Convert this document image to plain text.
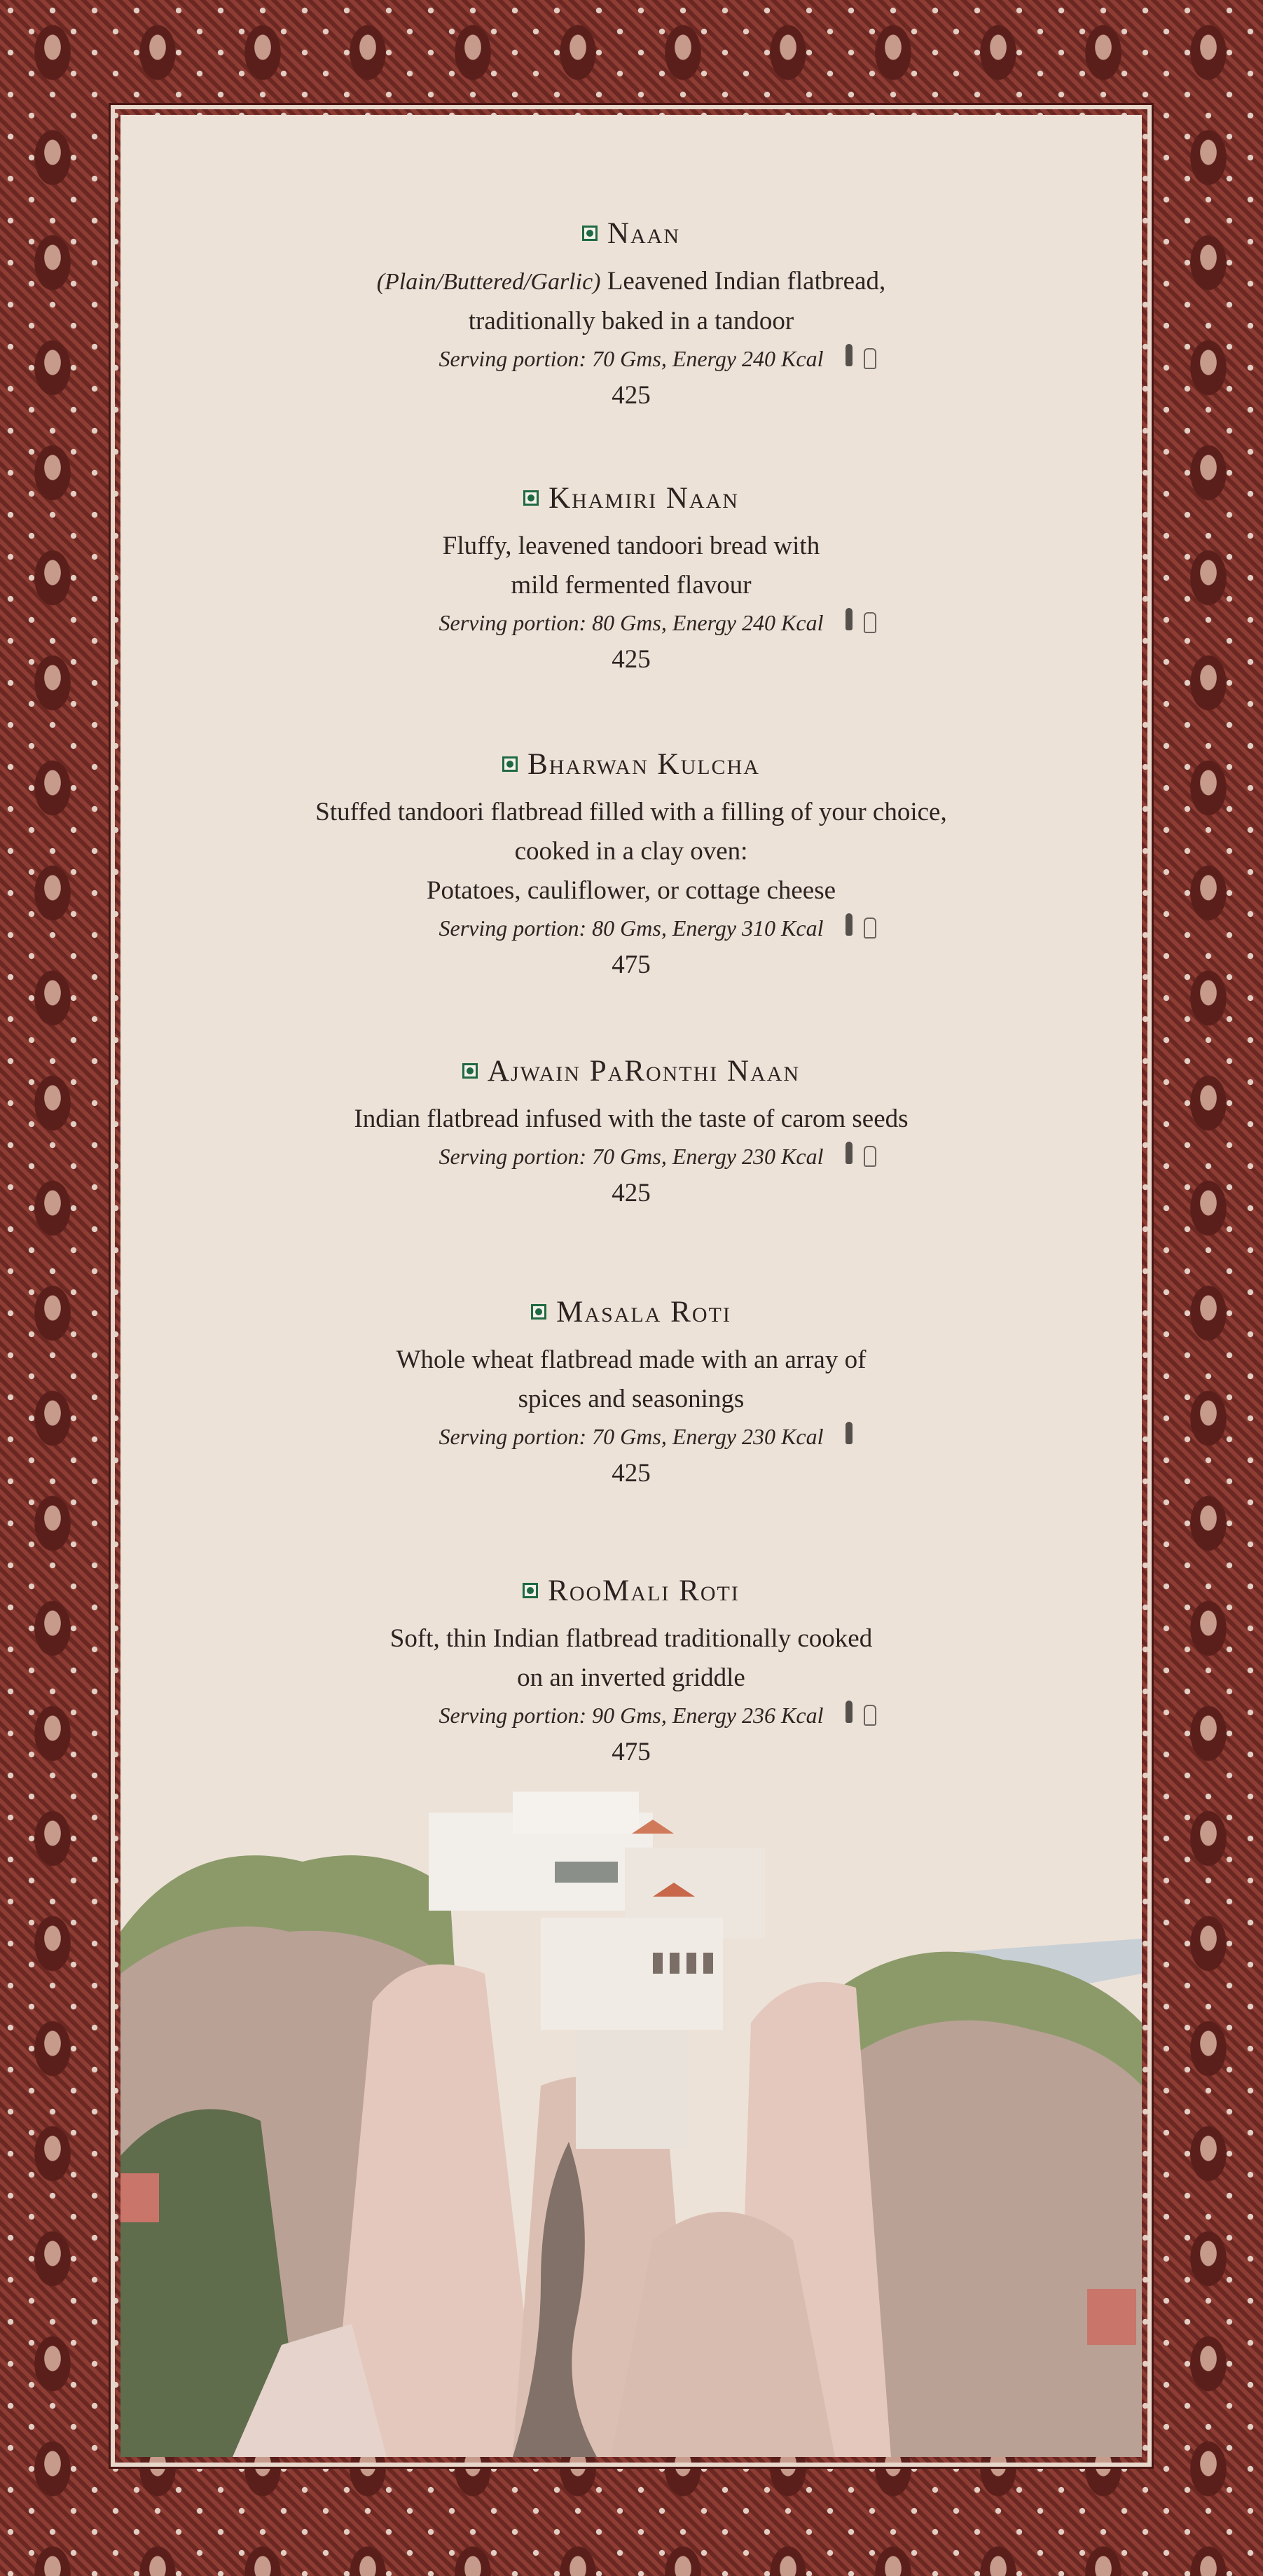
Naan

(Plain/Buttered/Garlic) Leavened Indian flatbread,

traditionally baked in a tandoor

Serving portion: 70 Gms, Energy 240 Kcal
425
Khamiri Naan

Fluffy, leavened tandoori bread with

mild fermented flavour

Serving portion: 80 Gms, Energy 240 Kcal
425
Bharwan Kulcha

Stuffed tandoori flatbread filled with a filling of your choice,

cooked in a clay oven:

Potatoes, cauliflower, or cottage cheese

Serving portion: 80 Gms, Energy 310 Kcal
475
Ajwain PaRonthi Naan

Indian flatbread infused with the taste of carom seeds

Serving portion: 70 Gms, Energy 230 Kcal
425
Masala Roti

Whole wheat flatbread made with an array of

spices and seasonings

Serving portion: 70 Gms, Energy 230 Kcal
425
RooMali Roti

Soft, thin Indian flatbread traditionally cooked

on an inverted griddle

Serving portion: 90 Gms, Energy 236 Kcal
475
